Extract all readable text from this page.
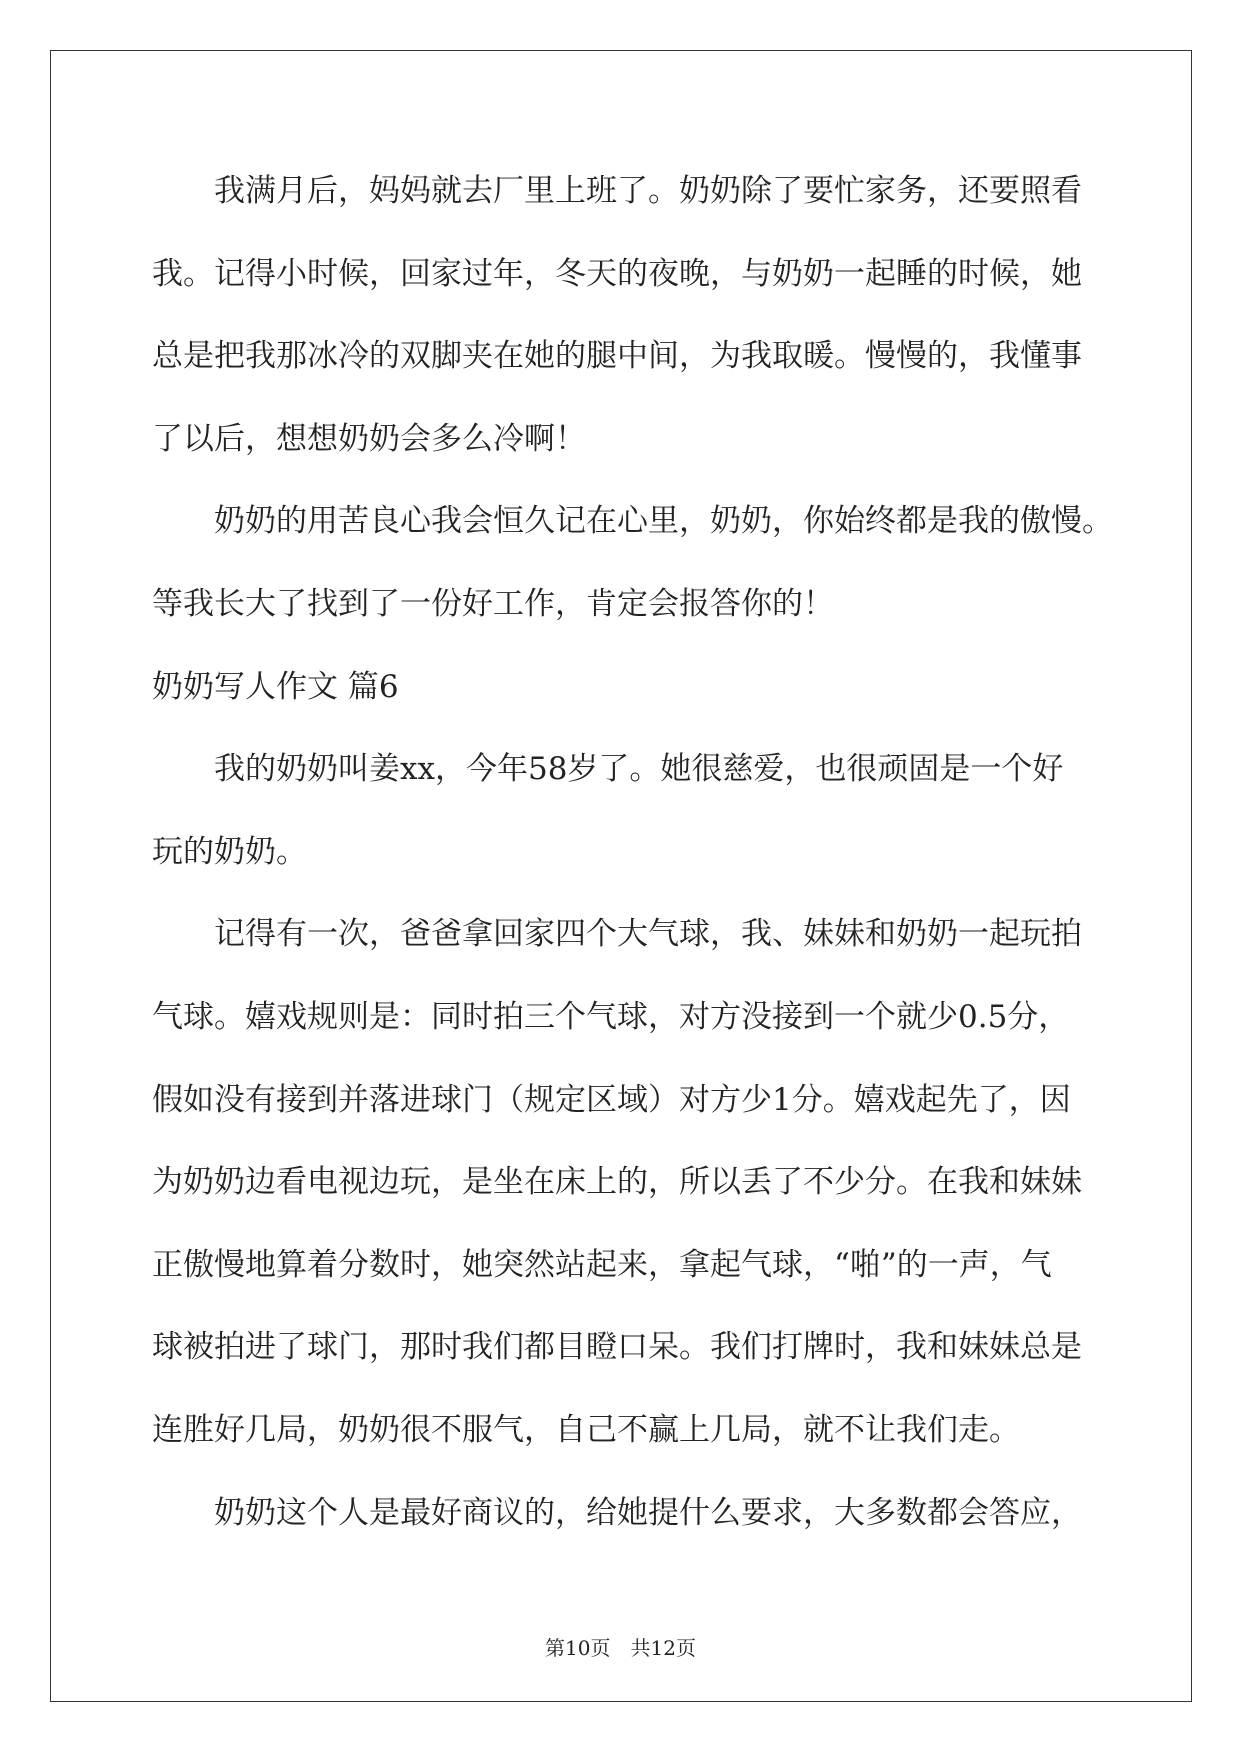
我满月后，妈妈就去厂里上班了。奶奶除了要忙家务，还要照看
我。记得小时候，回家过年，冬天的夜晚，与奶奶一起睡的时候，她
总是把我那冰冷的双脚夹在她的腿中间，为我取暖。慢慢的，我懂事
了以后，想想奶奶会多么冷啊！
奶奶的用苦良心我会恒久记在心里，奶奶，你始终都是我的傲慢。
等我长大了找到了一份好工作，肯定会报答你的！
奶奶写人作文 篇6
我的奶奶叫姜xx，今年58岁了。她很慈爱，也很顽固是一个好
玩的奶奶。
记得有一次，爸爸拿回家四个大气球，我、妹妹和奶奶一起玩拍
气球。嬉戏规则是：同时拍三个气球，对方没接到一个就少0.5分，
假如没有接到并落进球门（规定区域）对方少1分。嬉戏起先了，因
为奶奶边看电视边玩，是坐在床上的，所以丢了不少分。在我和妹妹
正傲慢地算着分数时，她突然站起来，拿起气球，“啪”的一声，气
球被拍进了球门，那时我们都目瞪口呆。我们打牌时，我和妹妹总是
连胜好几局，奶奶很不服气，自己不赢上几局，就不让我们走。
奶奶这个人是最好商议的，给她提什么要求，大多数都会答应，
第10页 共12页
